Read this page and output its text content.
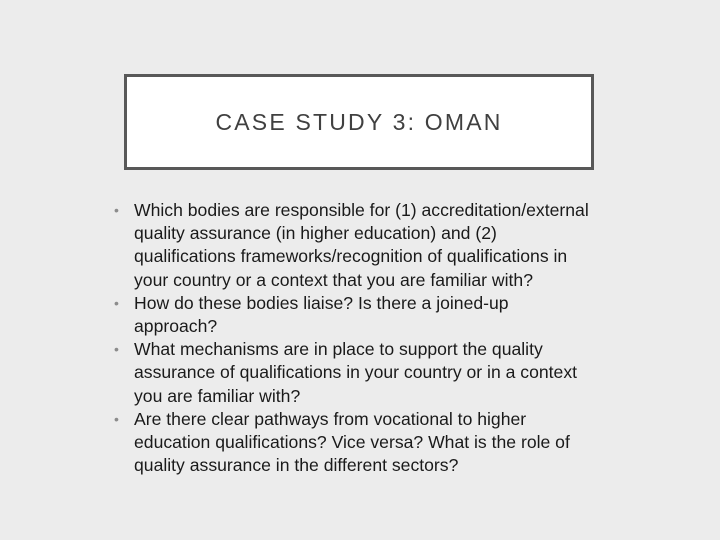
CASE STUDY 3: OMAN
• Which bodies are responsible for (1) accreditation/external quality assurance (in higher education) and (2) qualifications frameworks/recognition of qualifications in your country or a context that you are familiar with?
• How do these bodies liaise? Is there a joined-up approach?
• What mechanisms are in place to support the quality assurance of qualifications in your country or in a context you are familiar with?
• Are there clear pathways from vocational to higher education qualifications? Vice versa? What is the role of quality assurance in the different sectors?
